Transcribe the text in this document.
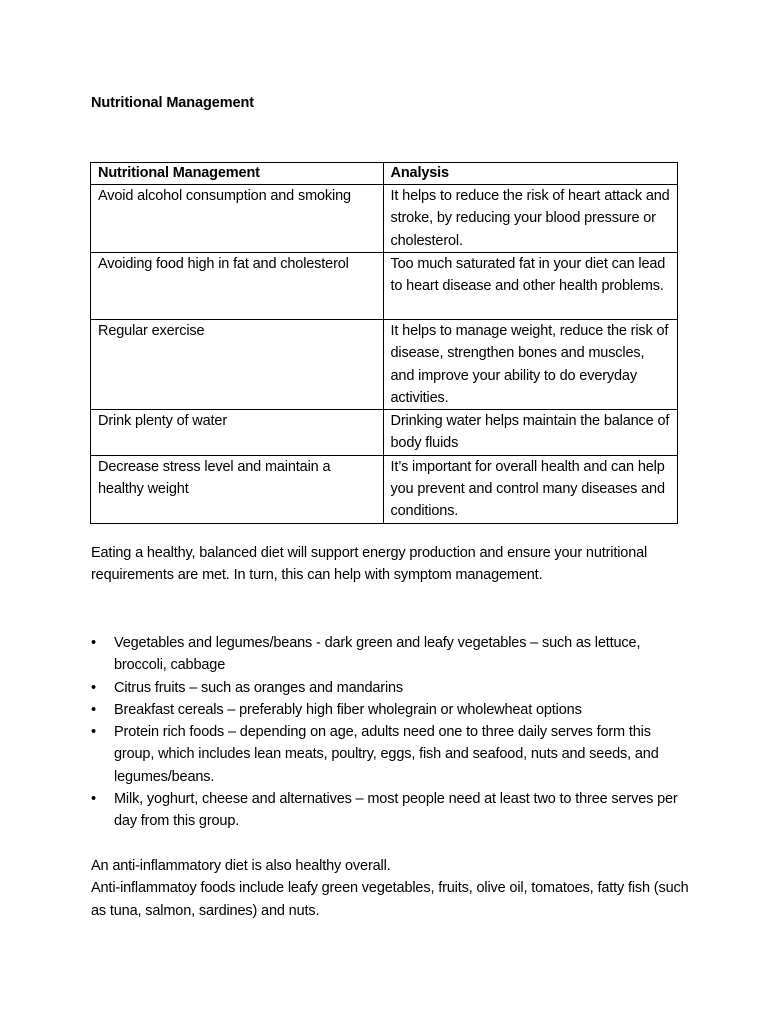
Nutritional Management
Nutritional Management	Analysis
Avoid alcohol consumption and smoking	It helps to reduce the risk of heart attack and stroke, by reducing your blood pressure or cholesterol.
Avoiding food high in fat and cholesterol	Too much saturated fat in your diet can lead to heart disease and other health problems.
Regular exercise	It helps to manage weight, reduce the risk of disease, strengthen bones and muscles, and improve your ability to do everyday activities.
Drink plenty of water	Drinking water helps maintain the balance of body fluids
Decrease stress level and maintain a healthy weight	It’s important for overall health and can help you prevent and control many diseases and conditions.
Eating a healthy, balanced diet will support energy production and ensure your nutritional requirements are met. In turn, this can help with symptom management.
•	Vegetables and legumes/beans - dark green and leafy vegetables – such as lettuce, broccoli, cabbage
•	Citrus fruits – such as oranges and mandarins
•	Breakfast cereals – preferably high fiber wholegrain or wholewheat options
•	Protein rich foods – depending on age, adults need one to three daily serves form this group, which includes lean meats, poultry, eggs, fish and seafood, nuts and seeds, and legumes/beans.
•	Milk, yoghurt, cheese and alternatives – most people need at least two to three serves per day from this group.
An anti-inflammatory diet is also healthy overall.
Anti-inflammatoy foods include leafy green vegetables, fruits, olive oil, tomatoes, fatty fish (such as tuna, salmon, sardines) and nuts.
